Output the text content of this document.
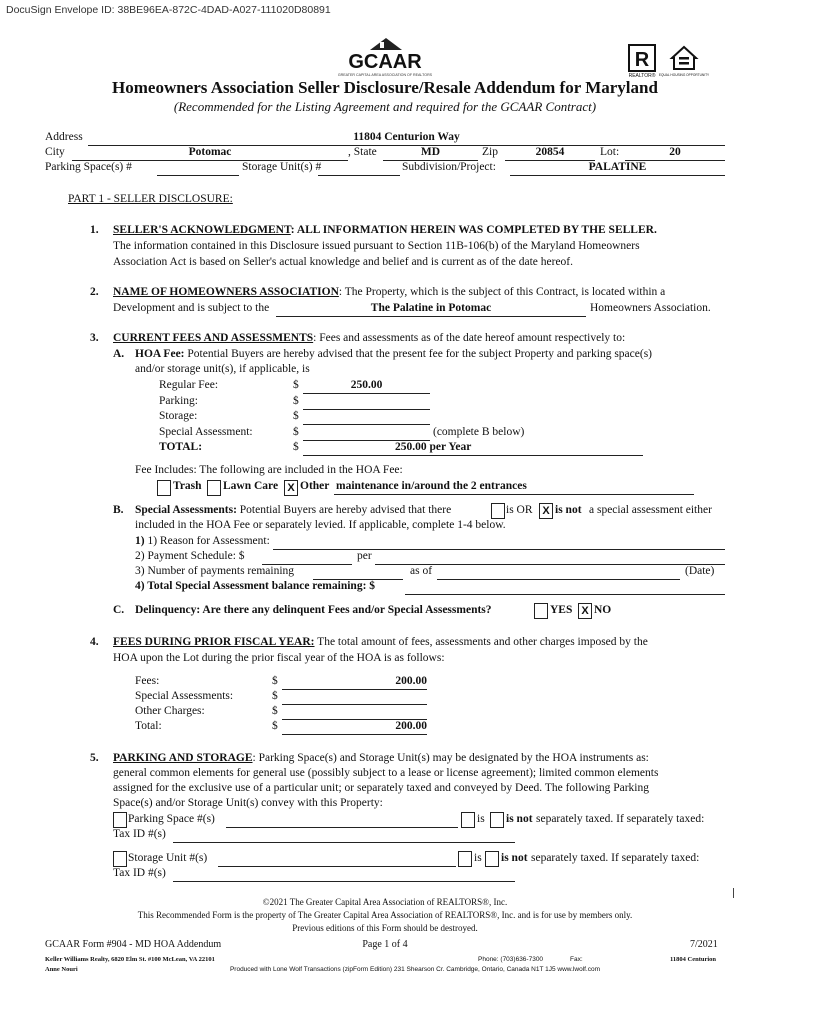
DocuSign Envelope ID: 38BE96EA-872C-4DAD-A027-111020D80891
GCAAR
GREATER CAPITAL AREA ASSOCIATION OF REALTORS
R
REALTOR® EQUAL HOUSING OPPORTUNITY
Homeowners Association Seller Disclosure/Resale Addendum for Maryland
(Recommended for the Listing Agreement and required for the GCAAR Contract)
Address	11804 Centurion Way
City	Potomac	, State	MD	Zip	20854	Lot:	20
Parking Space(s) #	Storage Unit(s) #	Subdivision/Project:	PALATINE
PART 1 - SELLER DISCLOSURE:
1. SELLER'S ACKNOWLEDGMENT: ALL INFORMATION HEREIN WAS COMPLETED BY THE SELLER.
The information contained in this Disclosure issued pursuant to Section 11B-106(b) of the Maryland Homeowners
Association Act is based on Seller's actual knowledge and belief and is current as of the date hereof.
2. NAME OF HOMEOWNERS ASSOCIATION: The Property, which is the subject of this Contract, is located within a
Development and is subject to the	The Palatine in Potomac	Homeowners Association.
3. CURRENT FEES AND ASSESSMENTS: Fees and assessments as of the date hereof amount respectively to:
A. HOA Fee: Potential Buyers are hereby advised that the present fee for the subject Property and parking space(s)
and/or storage unit(s), if applicable, is
Regular Fee:	$	250.00
Parking:	$
Storage:	$
Special Assessment:	$	(complete B below)
TOTAL:	$	250.00 per Year
Fee Includes: The following are included in the HOA Fee:
Trash Lawn Care X Other maintenance in/around the 2 entrances
B. Special Assessments: Potential Buyers are hereby advised that there	is OR X is not a special assessment either
included in the HOA Fee or separately levied. If applicable, complete 1-4 below.
1) 1) Reason for Assessment:
2) Payment Schedule: $	per
3) Number of payments remaining	as of	(Date)
4) Total Special Assessment balance remaining: $
C. Delinquency: Are there any delinquent Fees and/or Special Assessments?	YES X NO
4. FEES DURING PRIOR FISCAL YEAR: The total amount of fees, assessments and other charges imposed by the
HOA upon the Lot during the prior fiscal year of the HOA is as follows:
Fees:	$	200.00
Special Assessments:	$
Other Charges:	$
Total:	$	200.00
5. PARKING AND STORAGE: Parking Space(s) and Storage Unit(s) may be designated by the HOA instruments as:
general common elements for general use (possibly subject to a lease or license agreement); limited common elements
assigned for the exclusive use of a particular unit; or separately taxed and conveyed by Deed. The following Parking
Space(s) and/or Storage Unit(s) convey with this Property:
Parking Space #(s)	is is not separately taxed. If separately taxed:
Tax ID #(s)
Storage Unit #(s)	is is not separately taxed. If separately taxed:
Tax ID #(s)
©2021 The Greater Capital Area Association of REALTORS®, Inc.
This Recommended Form is the property of The Greater Capital Area Association of REALTORS®, Inc. and is for use by members only.
Previous editions of this Form should be destroyed.
GCAAR Form #904 - MD HOA Addendum	Page 1 of 4	7/2021
Keller Williams Realty, 6820 Elm St. #100 McLean, VA 22101	Phone: (703)636-7300	Fax:	11804 Centurion
Anne Nouri	Produced with Lone Wolf Transactions (zipForm Edition) 231 Shearson Cr. Cambridge, Ontario, Canada N1T 1J5 www.lwolf.com
